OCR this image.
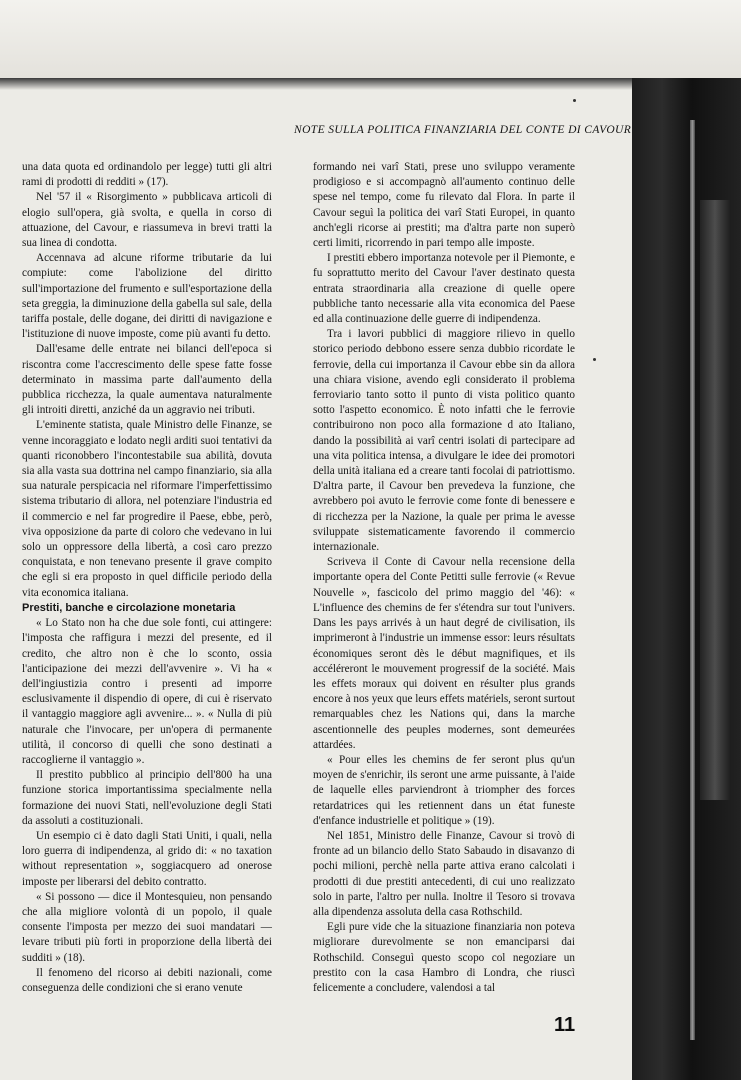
NOTE SULLA POLITICA FINANZIARIA DEL CONTE DI CAVOUR

una data quota ed ordinandolo per legge) tutti gli altri rami di prodotti di redditi » (17).

Nel '57 il « Risorgimento » pubblicava articoli di elogio sull'opera, già svolta, e quella in corso di attuazione, del Cavour, e riassumeva in brevi tratti la sua linea di condotta.

Accennava ad alcune riforme tributarie da lui compiute: come l'abolizione del diritto sull'importazione del frumento e sull'esportazione della seta greggia, la diminuzione della gabella sul sale, della tariffa postale, delle dogane, dei diritti di navigazione e l'istituzione di nuove imposte, come più avanti fu detto.

Dall'esame delle entrate nei bilanci dell'epoca si riscontra come l'accrescimento delle spese fatte fosse determinato in massima parte dall'aumento della pubblica ricchezza, la quale aumentava naturalmente gli introiti diretti, anziché da un aggravio nei tributi.

L'eminente statista, quale Ministro delle Finanze, se venne incoraggiato e lodato negli arditi suoi tentativi da quanti riconobbero l'incontestabile sua abilità, dovuta sia alla vasta sua dottrina nel campo finanziario, sia alla sua naturale perspicacia nel riformare l'imperfettissimo sistema tributario di allora, nel potenziare l'industria ed il commercio e nel far progredire il Paese, ebbe, però, viva opposizione da parte di coloro che vedevano in lui solo un oppressore della libertà, a così caro prezzo conquistata, e non tenevano presente il grave compito che egli si era proposto in quel difficile periodo della vita economica italiana.

Prestiti, banche e circolazione monetaria

« Lo Stato non ha che due sole fonti, cui attingere: l'imposta che raffigura i mezzi del presente, ed il credito, che altro non è che lo sconto, ossia l'anticipazione dei mezzi dell'avvenire ». Vi ha « dell'ingiustizia contro i presenti ad imporre esclusivamente il dispendio di opere, di cui è riservato il vantaggio maggiore agli avvenire... ». « Nulla di più naturale che l'invocare, per un'opera di permanente utilità, il concorso di quelli che sono destinati a raccoglierne il vantaggio ».

Il prestito pubblico al principio dell'800 ha una funzione storica importantissima specialmente nella formazione dei nuovi Stati, nell'evoluzione degli Stati da assoluti a costituzionali.

Un esempio ci è dato dagli Stati Uniti, i quali, nella loro guerra di indipendenza, al grido di: « no taxation without representation », soggiacquero ad onerose imposte per liberarsi del debito contratto.

« Si possono — dice il Montesquieu, non pensando che alla migliore volontà di un popolo, il quale consente l'imposta per mezzo dei suoi mandatari — levare tributi più forti in proporzione della libertà dei sudditi » (18).

Il fenomeno del ricorso ai debiti nazionali, come conseguenza delle condizioni che si erano venute

formando nei varî Stati, prese uno sviluppo veramente prodigioso e si accompagnò all'aumento continuo delle spese nel tempo, come fu rilevato dal Flora. In parte il Cavour seguì la politica dei varî Stati Europei, in quanto anch'egli ricorse ai prestiti; ma d'altra parte non superò certi limiti, ricorrendo in pari tempo alle imposte.

I prestiti ebbero importanza notevole per il Piemonte, e fu soprattutto merito del Cavour l'aver destinato questa entrata straordinaria alla creazione di quelle opere pubbliche tanto necessarie alla vita economica del Paese ed alla continuazione delle guerre di indipendenza.

Tra i lavori pubblici di maggiore rilievo in quello storico periodo debbono essere senza dubbio ricordate le ferrovie, della cui importanza il Cavour ebbe sin da allora una chiara visione, avendo egli considerato il problema ferroviario tanto sotto il punto di vista politico quanto sotto l'aspetto economico. È noto infatti che le ferrovie contribuirono non poco alla formazione d ato Italiano, dando la possibilità ai varî centri isolati di partecipare ad una vita politica intensa, a divulgare le idee dei promotori della unità italiana ed a creare tanti focolai di patriottismo. D'altra parte, il Cavour ben prevedeva la funzione, che avrebbero poi avuto le ferrovie come fonte di benessere e di ricchezza per la Nazione, la quale per prima le avesse sviluppate sistematicamente favorendo il commercio internazionale.

Scriveva il Conte di Cavour nella recensione della importante opera del Conte Petitti sulle ferrovie (« Revue Nouvelle », fascicolo del primo maggio del '46): « L'influence des chemins de fer s'étendra sur tout l'univers. Dans les pays arrivés à un haut degré de civilisation, ils imprimeront à l'industrie un immense essor: leurs résultats économiques seront dès le début magnifiques, et ils accéléreront le mouvement progressif de la société. Mais les effets moraux qui doivent en résulter plus grands encore à nos yeux que leurs effets matériels, seront surtout remarquables chez les Nations qui, dans la marche ascentionnelle des peuples modernes, sont demeurées attardées.

« Pour elles les chemins de fer seront plus qu'un moyen de s'enrichir, ils seront une arme puissante, à l'aide de laquelle elles parviendront à triompher des forces retardatrices qui les retiennent dans un état funeste d'enfance industrielle et politique » (19).

Nel 1851, Ministro delle Finanze, Cavour si trovò di fronte ad un bilancio dello Stato Sabaudo in disavanzo di pochi milioni, perchè nella parte attiva erano calcolati i prodotti di due prestiti antecedenti, di cui uno realizzato solo in parte, l'altro per nulla. Inoltre il Tesoro si trovava alla dipendenza assoluta della casa Rothschild.

Egli pure vide che la situazione finanziaria non poteva migliorare durevolmente se non emanciparsi dai Rothschild. Conseguì questo scopo col negoziare un prestito con la casa Hambro di Londra, che riuscì felicemente a concludere, valendosi a tal

11
